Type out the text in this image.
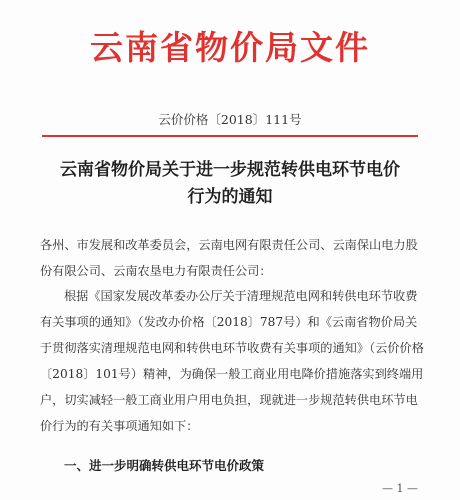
云南省物价局文件
云价价格〔2018〕111号
云南省物价局关于进一步规范转供电环节电价行为的通知
各州、市发展和改革委员会，云南电网有限责任公司、云南保山电力股份有限公司、云南农垦电力有限责任公司：
根据《国家发展改革委办公厅关于清理规范电网和转供电环节收费有关事项的通知》（发改办价格〔2018〕787号）和《云南省物价局关于贯彻落实清理规范电网和转供电环节收费有关事项的通知》（云价价格〔2018〕101号）精神，为确保一般工商业用电降价措施落实到终端用户，切实减轻一般工商业用户用电负担，现就进一步规范转供电环节电价行为的有关事项通知如下：
一、进一步明确转供电环节电价政策
— 1 —
